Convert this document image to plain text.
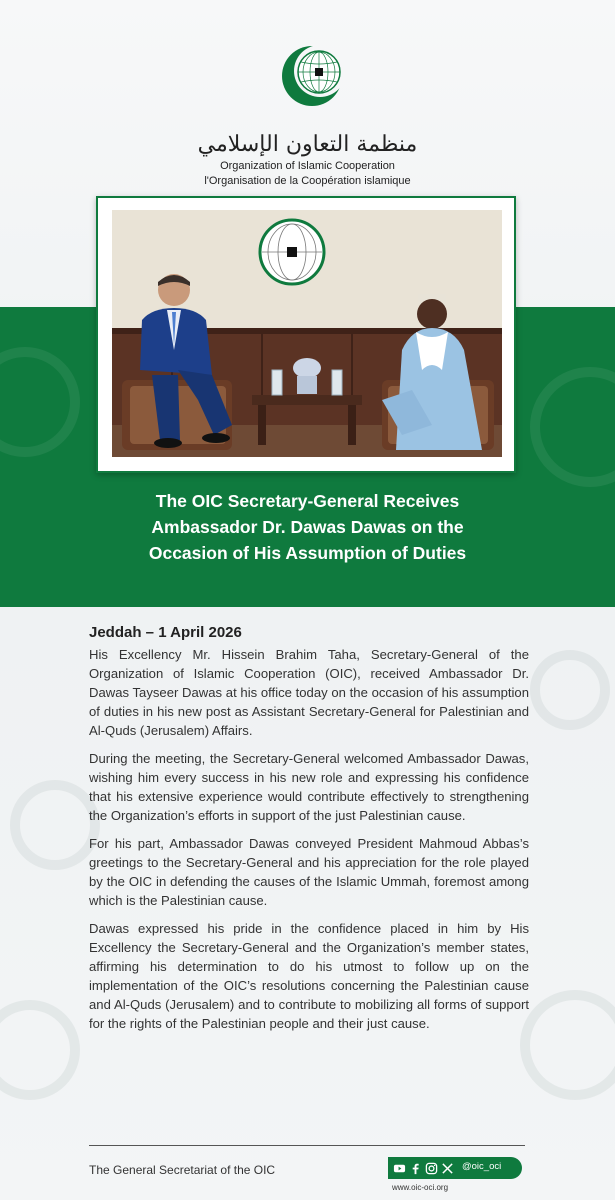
منظمة التعاون الإسلامي
Organization of Islamic Cooperation
l'Organisation de la Coopération islamique
The OIC Secretary-General Receives
Ambassador Dr. Dawas Dawas on the
Occasion of His Assumption of Duties
Jeddah – 1 April 2026

His Excellency Mr. Hissein Brahim Taha, Secretary-General of the Organization of Islamic Cooperation (OIC), received Ambassador Dr. Dawas Tayseer Dawas at his office today on the occasion of his assumption of duties in his new post as Assistant Secretary-General for Palestinian and Al-Quds (Jerusalem) Affairs.

During the meeting, the Secretary-General welcomed Ambassador Dawas, wishing him every success in his new role and expressing his confidence that his extensive experience would contribute effectively to strengthening the Organization’s efforts in support of the just Palestinian cause.

For his part, Ambassador Dawas conveyed President Mahmoud Abbas’s greetings to the Secretary-General and his appreciation for the role played by the OIC in defending the causes of the Islamic Ummah, foremost among which is the Palestinian cause.

Dawas expressed his pride in the confidence placed in him by His Excellency the Secretary-General and the Organization’s member states, affirming his determination to do his utmost to follow up on the implementation of the OIC’s resolutions concerning the Palestinian cause and Al-Quds (Jerusalem) and to contribute to mobilizing all forms of support for the rights of the Palestinian people and their just cause.

The General Secretariat of the OIC	@oic_oci
www.oic-oci.org
